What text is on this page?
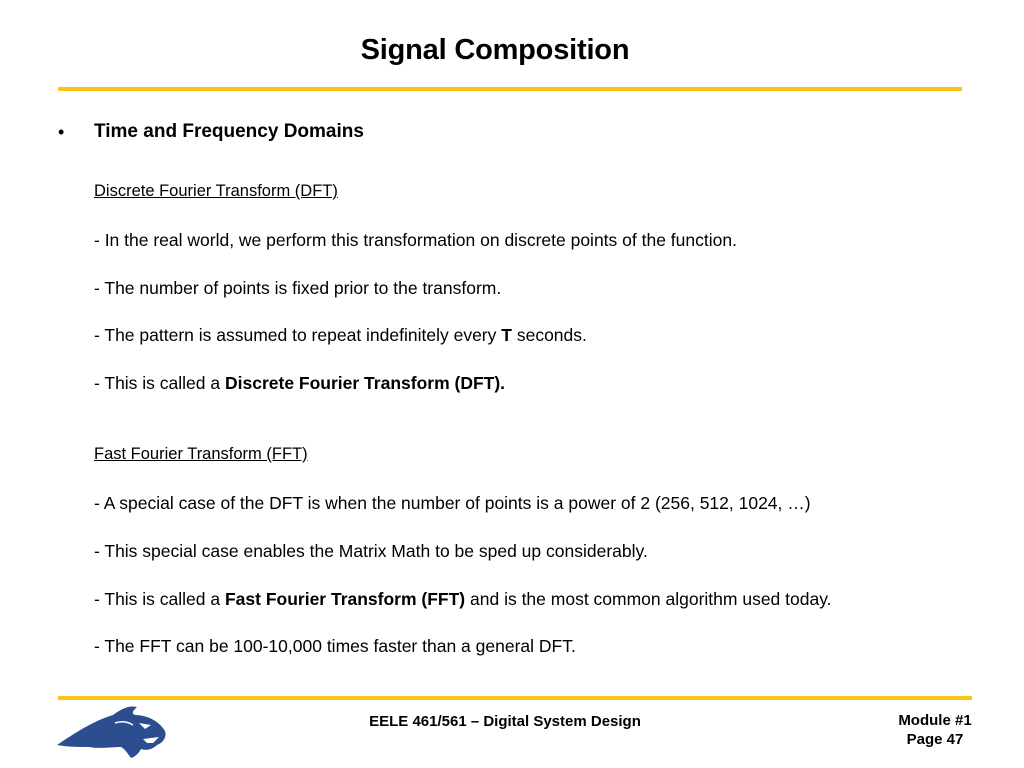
Signal Composition
• Time and Frequency Domains
Discrete Fourier Transform (DFT)
- In the real world, we perform this transformation on discrete points of the function.
- The number of points is fixed prior to the transform.
- The pattern is assumed to repeat indefinitely every T seconds.
- This is called a Discrete Fourier Transform (DFT).
Fast Fourier Transform (FFT)
- A special case of the DFT is when the number of points is a power of 2 (256, 512, 1024, …)
- This special case enables the Matrix Math to be sped up considerably.
- This is called a Fast Fourier Transform (FFT) and is the most common algorithm used today.
- The FFT can be 100-10,000 times faster than a general DFT.
EELE 461/561 – Digital System Design	Module #1
Page 47
